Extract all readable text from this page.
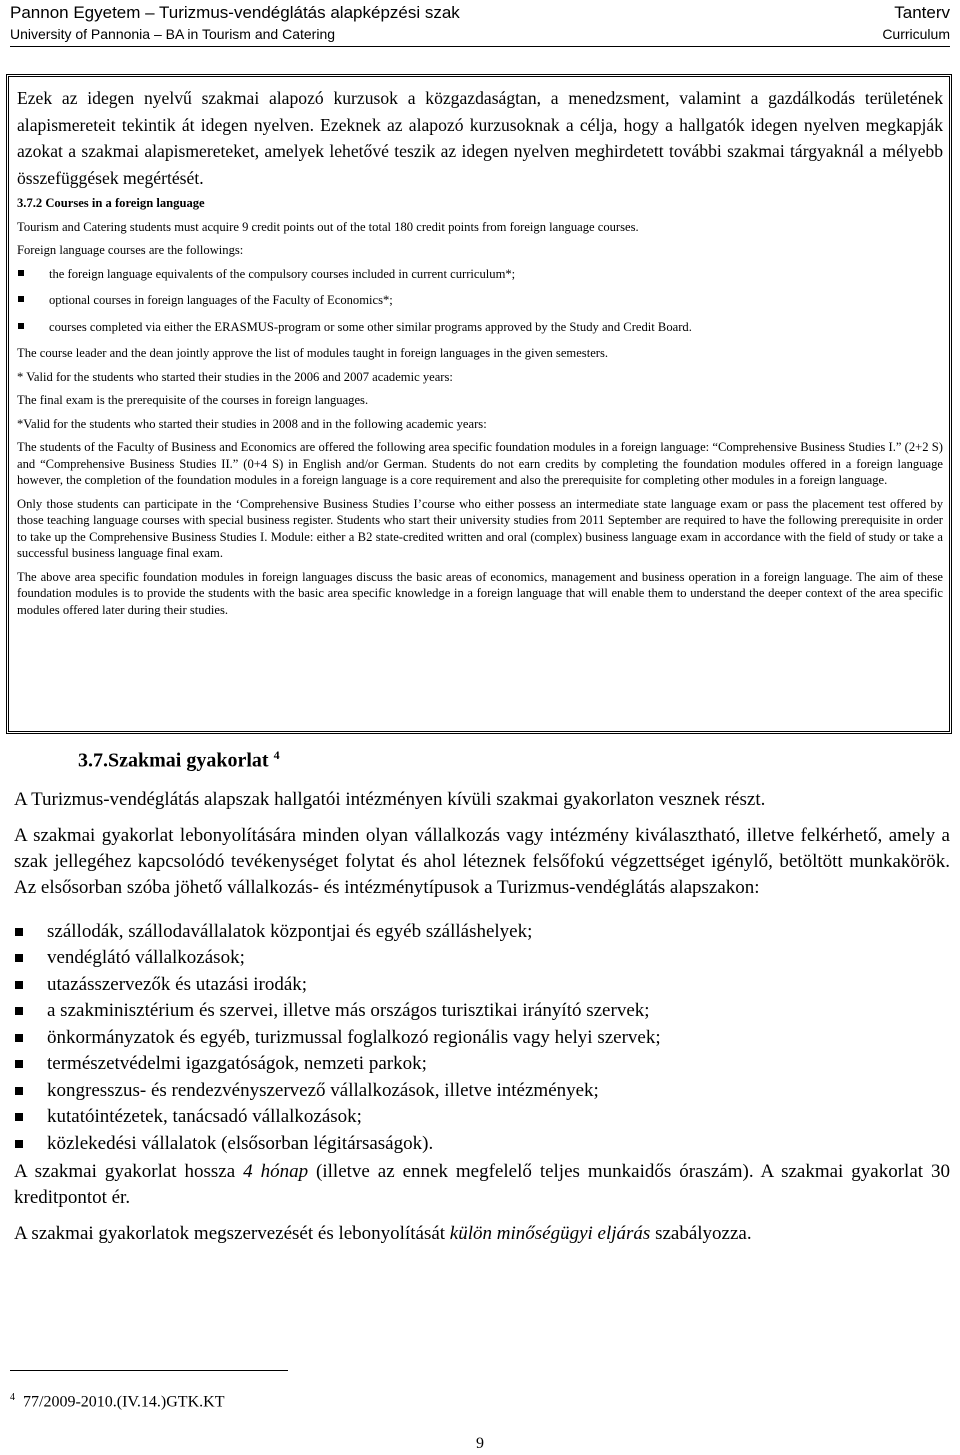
Pannon Egyetem – Turizmus-vendéglátás alapképzési szak	Tanterv
University of Pannonia – BA in Tourism and Catering	Curriculum
Ezek az idegen nyelvű szakmai alapozó kurzusok a közgazdaságtan, a menedzsment, valamint a gazdálkodás területének alapismereteit tekintik át idegen nyelven. Ezeknek az alapozó kurzusoknak a célja, hogy a hallgatók idegen nyelven megkapják azokat a szakmai alapismereteket, amelyek lehetővé teszik az idegen nyelven meghirdetett további szakmai tárgyaknál a mélyebb összefüggések megértését.

3.7.2 Courses in a foreign language

Tourism and Catering students must acquire 9 credit points out of the total 180 credit points from foreign language courses.

Foreign language courses are the followings:

the foreign language equivalents of the compulsory courses included in current curriculum*;
optional courses in foreign languages of the Faculty of Economics*;
courses completed via either the ERASMUS-program or some other similar programs approved by the Study and Credit Board.

The course leader and the dean jointly approve the list of modules taught in foreign languages in the given semesters.

* Valid for the students who started their studies in the 2006 and 2007 academic years:

The final exam is the prerequisite of the courses in foreign languages.

*Valid for the students who started their studies in 2008 and in the following academic years:

The students of the Faculty of Business and Economics are offered the following area specific foundation modules in a foreign language: “Comprehensive Business Studies I.” (2+2 S) and “Comprehensive Business Studies II.” (0+4 S) in English and/or German. Students do not earn credits by completing the foundation modules offered in a foreign language however, the completion of the foundation modules in a foreign language is a core requirement and also the prerequisite for completing other modules in a foreign language.

Only those students can participate in the ‘Comprehensive Business Studies I’course who either possess an intermediate state language exam or pass the placement test offered by those teaching language courses with special business register. Students who start their university studies from 2011 September are required to have the following prerequisite in order to take up the Comprehensive Business Studies I. Module: either a B2 state-credited written and oral (complex) business language exam in accordance with the field of study or take a successful business language final exam.

The above area specific foundation modules in foreign languages discuss the basic areas of economics, management and business operation in a foreign language. The aim of these foundation modules is to provide the students with the basic area specific knowledge in a foreign language that will enable them to understand the deeper context of the area specific modules offered later during their studies.

3.7.Szakmai gyakorlat $^4$
A Turizmus-vendéglátás alapszak hallgatói intézményen kívüli szakmai gyakorlaton vesznek részt.
A szakmai gyakorlat lebonyolítására minden olyan vállalkozás vagy intézmény kiválasztható, illetve felkérhető, amely a szak jellegéhez kapcsolódó tevékenységet folytat és ahol léteznek felsőfokú végzettséget igénylő, betöltött munkakörök. Az elsősorban szóba jöhető vállalkozás- és intézménytípusok a Turizmus-vendéglátás alapszakon:
szállodák, szállodavállalatok központjai és egyéb szálláshelyek;
vendéglátó vállalkozások;
utazásszervezők és utazási irodák;
a szakminisztérium és szervei, illetve más országos turisztikai irányító szervek;
önkormányzatok és egyéb, turizmussal foglalkozó regionális vagy helyi szervek;
természetvédelmi igazgatóságok, nemzeti parkok;
kongresszus- és rendezvényszervező vállalkozások, illetve intézmények;
kutatóintézetek, tanácsadó vállalkozások;
közlekedési vállalatok (elsősorban légitársaságok).
A szakmai gyakorlat hossza 4 hónap (illetve az ennek megfelelő teljes munkaidős óraszám). A szakmai gyakorlat 30 kreditpontot ér.
A szakmai gyakorlatok megszervezését és lebonyolítását külön minőségügyi eljárás szabályozza.
$^4$ 77/2009-2010.(IV.14.)GTK.KT
9
